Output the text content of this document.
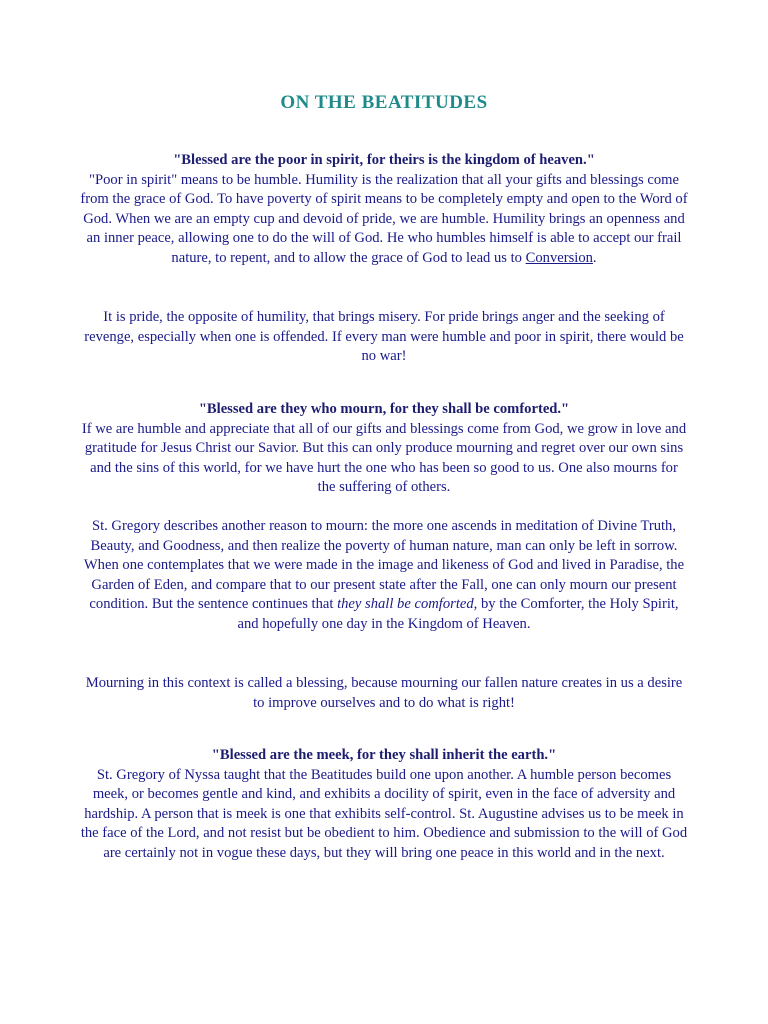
ON THE BEATITUDES
"Blessed are the poor in spirit, for theirs is the kingdom of heaven."
"Poor in spirit" means to be humble. Humility is the realization that all your gifts and blessings come from the grace of God. To have poverty of spirit means to be completely empty and open to the Word of God. When we are an empty cup and devoid of pride, we are humble. Humility brings an openness and an inner peace, allowing one to do the will of God. He who humbles himself is able to accept our frail nature, to repent, and to allow the grace of God to lead us to Conversion.
It is pride, the opposite of humility, that brings misery. For pride brings anger and the seeking of revenge, especially when one is offended. If every man were humble and poor in spirit, there would be no war!
"Blessed are they who mourn, for they shall be comforted."
If we are humble and appreciate that all of our gifts and blessings come from God, we grow in love and gratitude for Jesus Christ our Savior. But this can only produce mourning and regret over our own sins and the sins of this world, for we have hurt the one who has been so good to us. One also mourns for the suffering of others.
St. Gregory describes another reason to mourn: the more one ascends in meditation of Divine Truth, Beauty, and Goodness, and then realize the poverty of human nature, man can only be left in sorrow. When one contemplates that we were made in the image and likeness of God and lived in Paradise, the Garden of Eden, and compare that to our present state after the Fall, one can only mourn our present condition. But the sentence continues that they shall be comforted, by the Comforter, the Holy Spirit, and hopefully one day in the Kingdom of Heaven.
Mourning in this context is called a blessing, because mourning our fallen nature creates in us a desire to improve ourselves and to do what is right!
"Blessed are the meek, for they shall inherit the earth."
St. Gregory of Nyssa taught that the Beatitudes build one upon another. A humble person becomes meek, or becomes gentle and kind, and exhibits a docility of spirit, even in the face of adversity and hardship. A person that is meek is one that exhibits self-control. St. Augustine advises us to be meek in the face of the Lord, and not resist but be obedient to him. Obedience and submission to the will of God are certainly not in vogue these days, but they will bring one peace in this world and in the next.
